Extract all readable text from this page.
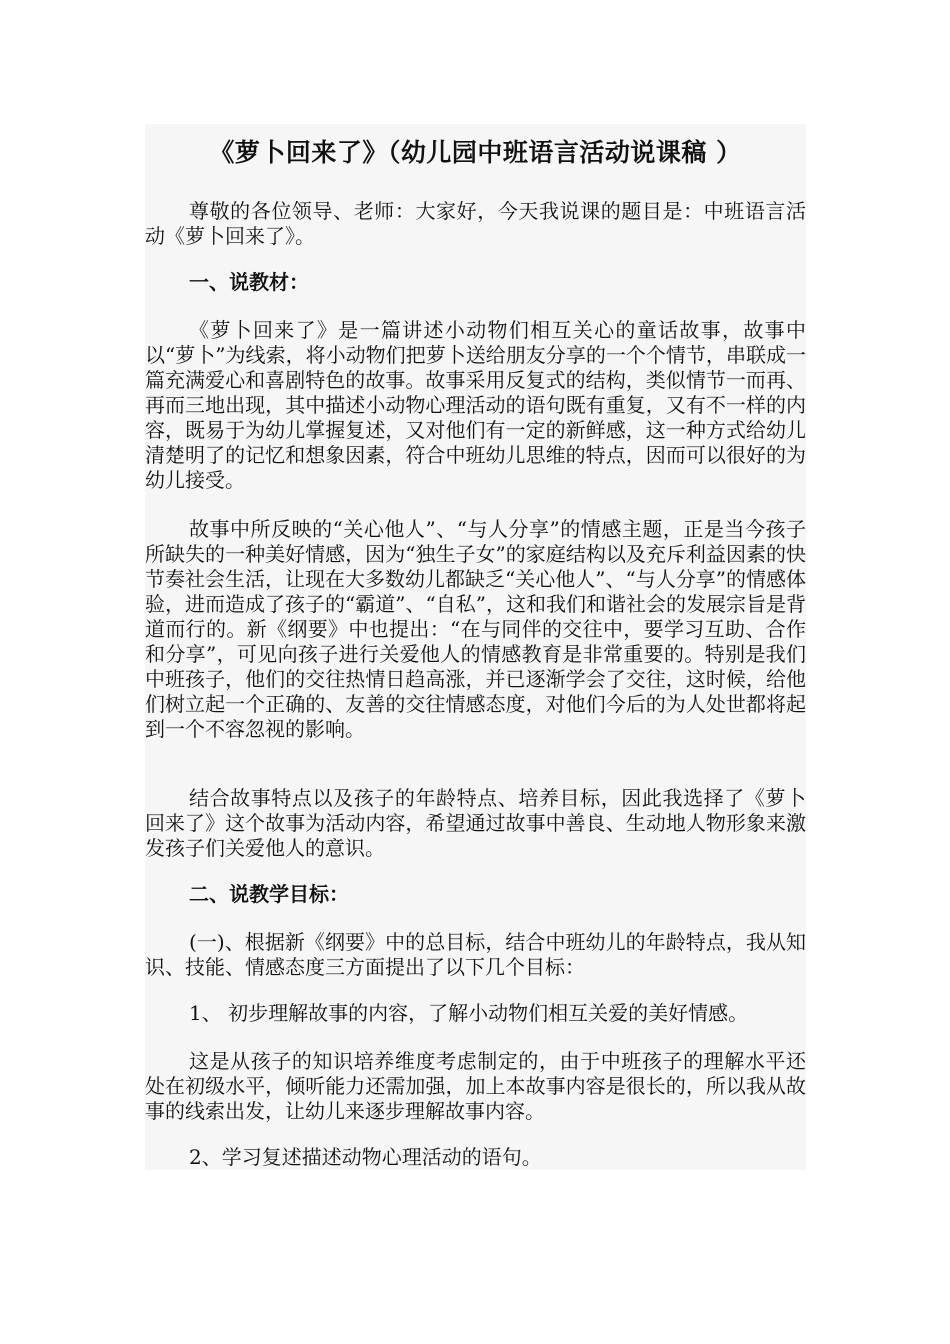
《萝卜回来了》（幼儿园中班语言活动说课稿 ）

尊敬的各位领导、老师：大家好，今天我说课的题目是：中班语言活动《萝卜回来了》。

一、说教材：

《萝卜回来了》是一篇讲述小动物们相互关心的童话故事，故事中以“萝卜”为线索，将小动物们把萝卜送给朋友分享的一个个情节，串联成一篇充满爱心和喜剧特色的故事。故事采用反复式的结构，类似情节一而再、再而三地出现，其中描述小动物心理活动的语句既有重复，又有不一样的内容，既易于为幼儿掌握复述，又对他们有一定的新鲜感，这一种方式给幼儿清楚明了的记忆和想象因素，符合中班幼儿思维的特点，因而可以很好的为幼儿接受。

故事中所反映的“关心他人”、“与人分享”的情感主题，正是当今孩子所缺失的一种美好情感，因为“独生子女”的家庭结构以及充斥利益因素的快节奏社会生活，让现在大多数幼儿都缺乏“关心他人”、“与人分享”的情感体验，进而造成了孩子的“霸道”、“自私”，这和我们和谐社会的发展宗旨是背道而行的。新《纲要》中也提出：“在与同伴的交往中，要学习互助、合作和分享”，可见向孩子进行关爱他人的情感教育是非常重要的。特别是我们中班孩子，他们的交往热情日趋高涨，并已逐渐学会了交往，这时候，给他们树立起一个正确的、友善的交往情感态度，对他们今后的为人处世都将起到一个不容忽视的影响。

结合故事特点以及孩子的年龄特点、培养目标，因此我选择了《萝卜回来了》这个故事为活动内容，希望通过故事中善良、生动地人物形象来激发孩子们关爱他人的意识。

二、说教学目标：

(一)、根据新《纲要》中的总目标，结合中班幼儿的年龄特点，我从知识、技能、情感态度三方面提出了以下几个目标：

1、 初步理解故事的内容，了解小动物们相互关爱的美好情感。

这是从孩子的知识培养维度考虑制定的，由于中班孩子的理解水平还处在初级水平，倾听能力还需加强，加上本故事内容是很长的，所以我从故事的线索出发，让幼儿来逐步理解故事内容。

2、学习复述描述动物心理活动的语句。
